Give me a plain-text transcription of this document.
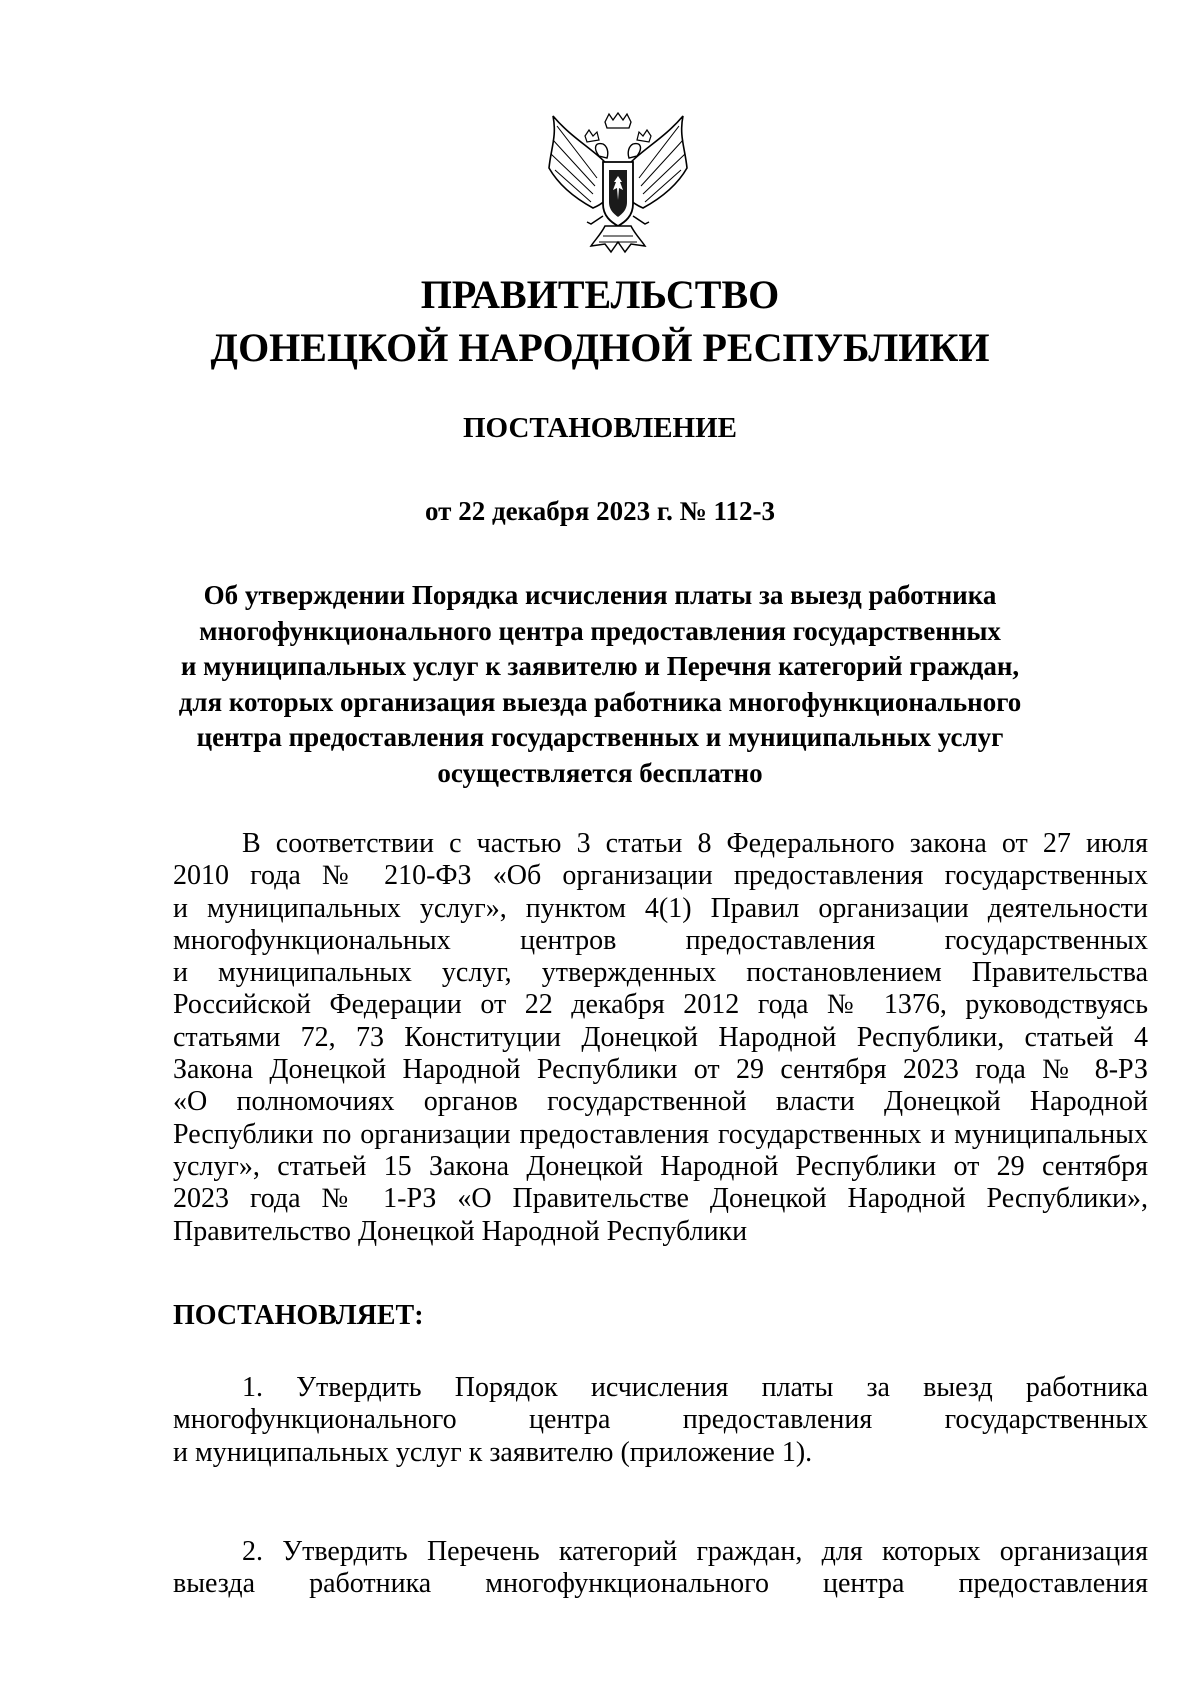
ПРАВИТЕЛЬСТВО
ДОНЕЦКОЙ НАРОДНОЙ РЕСПУБЛИКИ
ПОСТАНОВЛЕНИЕ
от 22 декабря 2023 г. № 112-3
Об утверждении Порядка исчисления платы за выезд работника
многофункционального центра предоставления государственных
и муниципальных услуг к заявителю и Перечня категорий граждан,
для которых организация выезда работника многофункционального
центра предоставления государственных и муниципальных услуг
осуществляется бесплатно
В соответствии с частью 3 статьи 8 Федерального закона от 27 июля
2010 года № 210-ФЗ «Об организации предоставления государственных
и муниципальных услуг», пунктом 4(1) Правил организации деятельности
многофункциональных центров предоставления государственных
и муниципальных услуг, утвержденных постановлением Правительства
Российской Федерации от 22 декабря 2012 года № 1376, руководствуясь
статьями 72, 73 Конституции Донецкой Народной Республики, статьей 4
Закона Донецкой Народной Республики от 29 сентября 2023 года № 8-РЗ
«О полномочиях органов государственной власти Донецкой Народной
Республики по организации предоставления государственных и муниципальных
услуг», статьей 15 Закона Донецкой Народной Республики от 29 сентября
2023 года № 1-РЗ «О Правительстве Донецкой Народной Республики»,
Правительство Донецкой Народной Республики
ПОСТАНОВЛЯЕТ:
1. Утвердить Порядок исчисления платы за выезд работника
многофункционального центра предоставления государственных
и муниципальных услуг к заявителю (приложение 1).
2. Утвердить Перечень категорий граждан, для которых организация
выезда работника многофункционального центра предоставления
